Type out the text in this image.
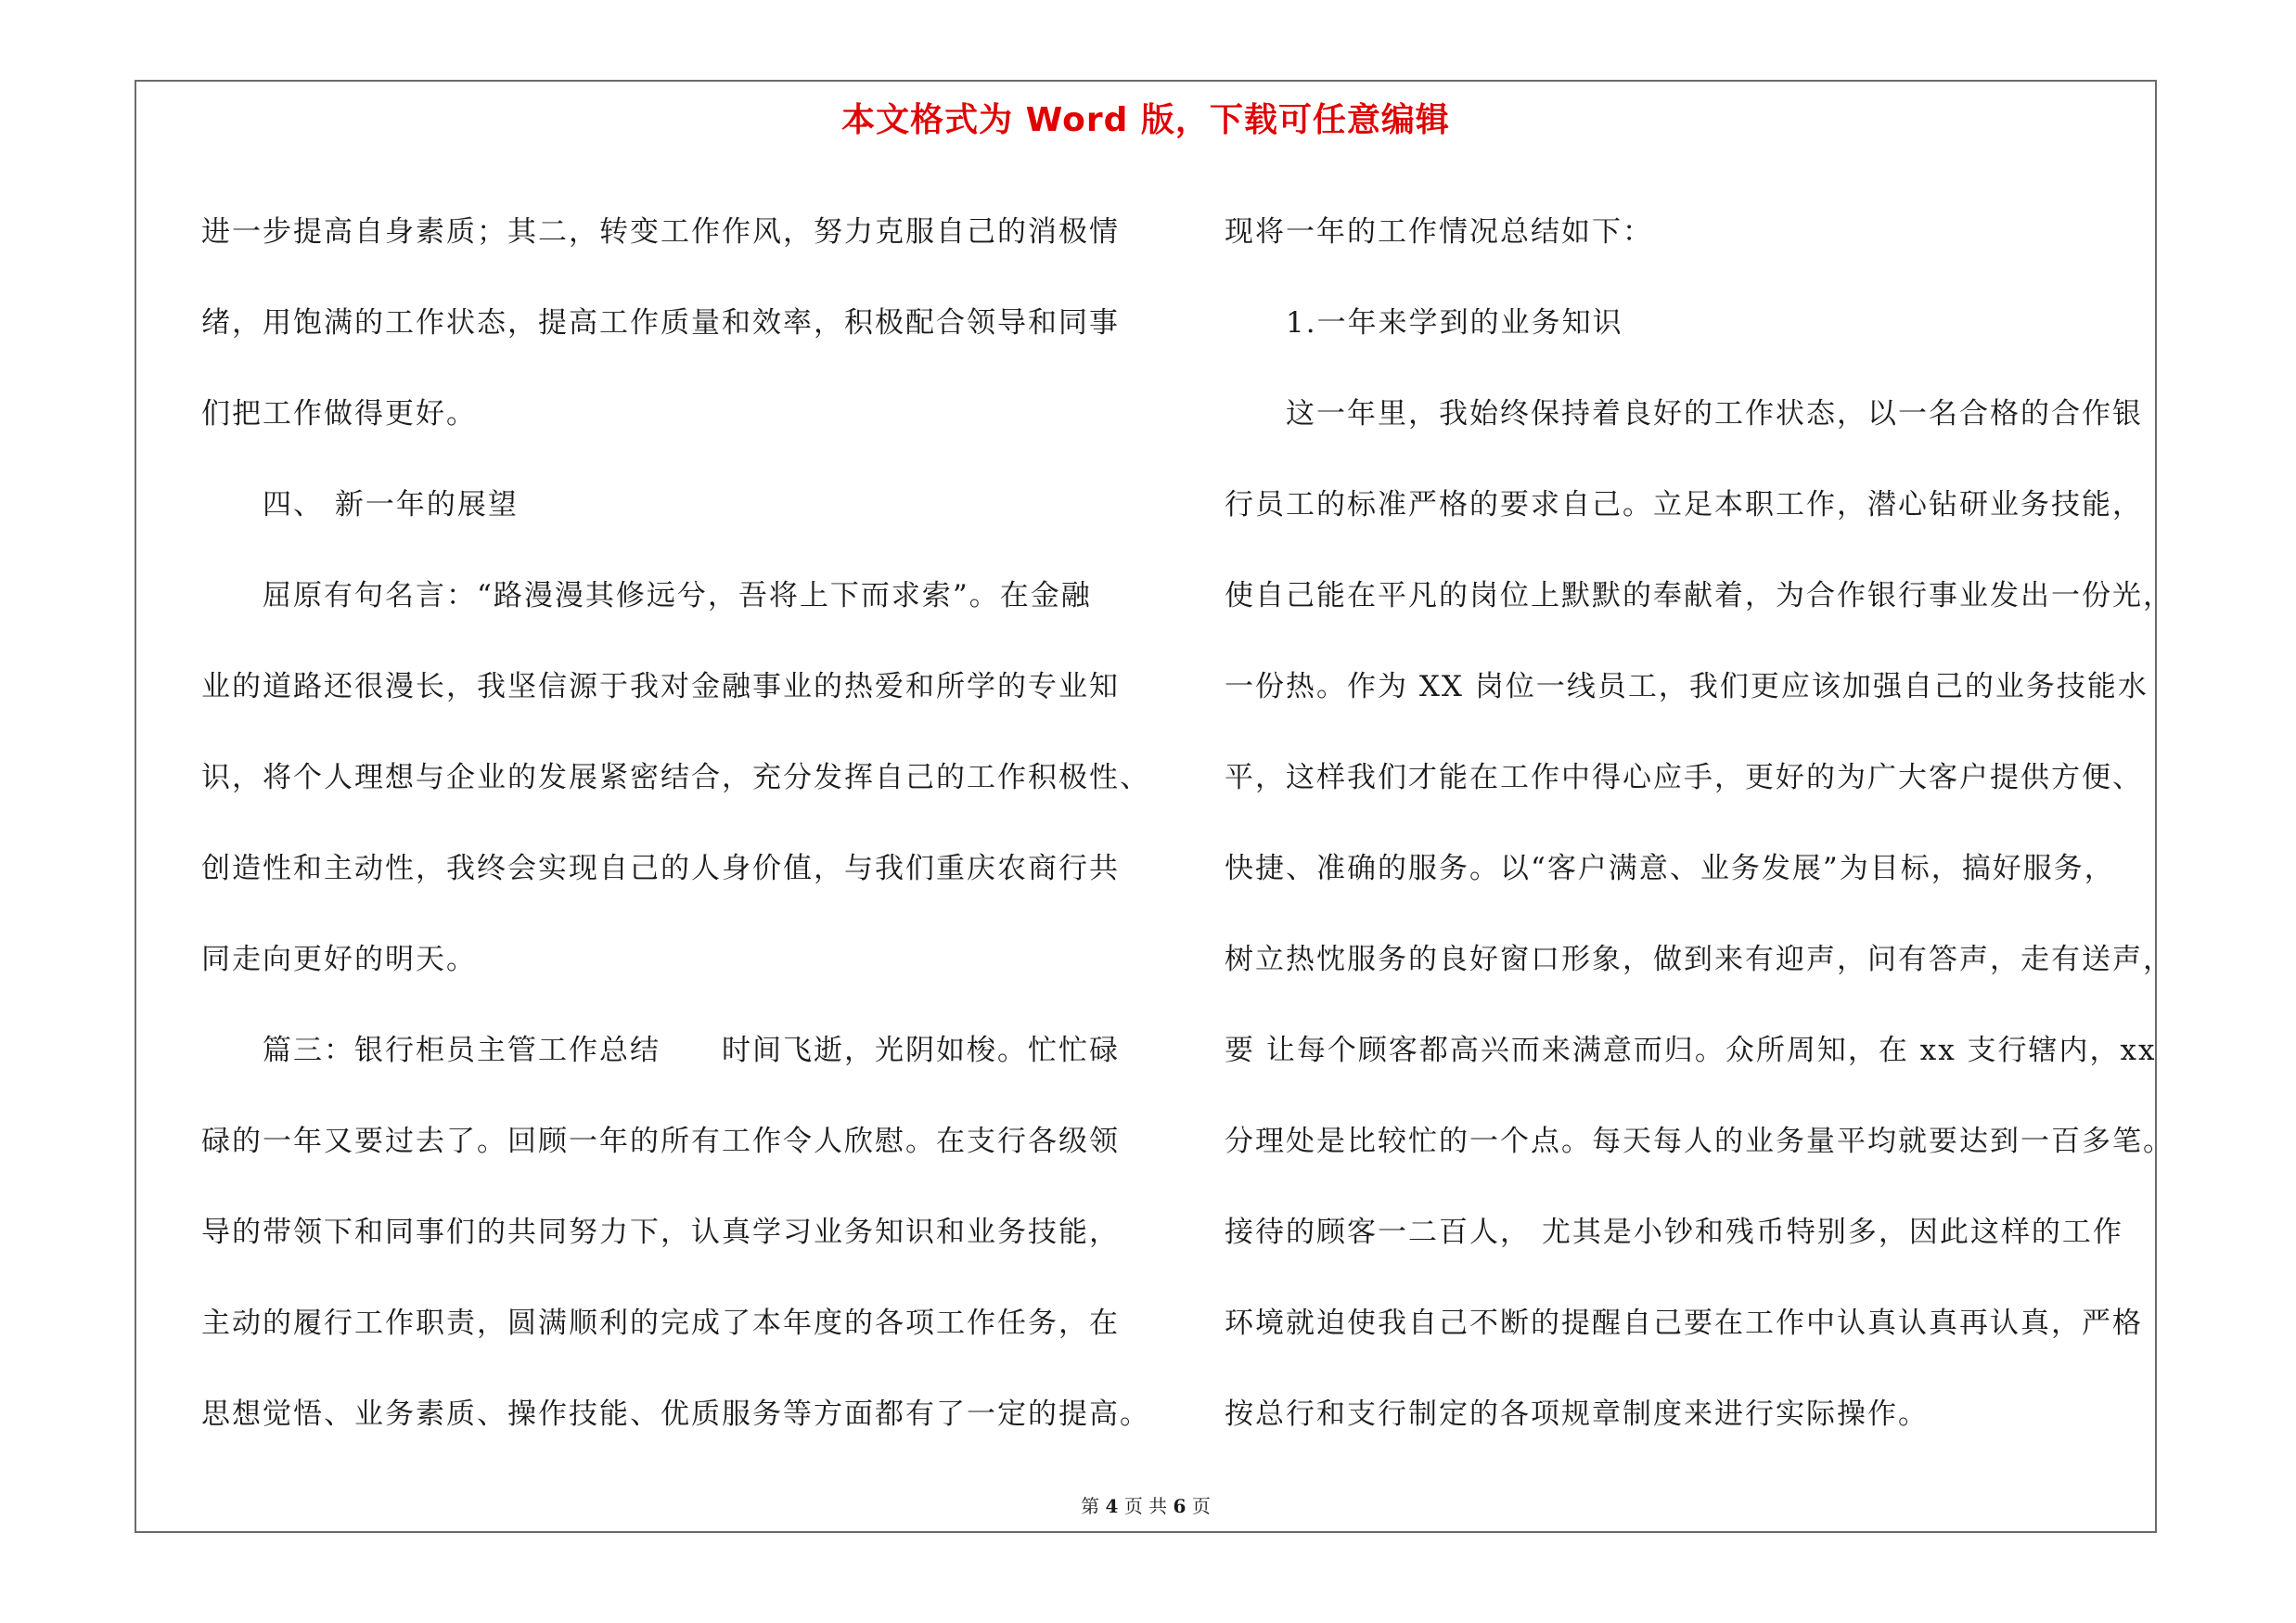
本文格式为 Word 版，下载可任意编辑
进一步提高自身素质；其二，转变工作作风，努力克服自己的消极情
绪，用饱满的工作状态，提高工作质量和效率，积极配合领导和同事
们把工作做得更好。
四、 新一年的展望
屈原有句名言：“路漫漫其修远兮，吾将上下而求索”。在金融
业的道路还很漫长，我坚信源于我对金融事业的热爱和所学的专业知
识，将个人理想与企业的发展紧密结合，充分发挥自己的工作积极性、
创造性和主动性，我终会实现自己的人身价值，与我们重庆农商行共
同走向更好的明天。
篇三：银行柜员主管工作总结　　时间飞逝，光阴如梭。忙忙碌
碌的一年又要过去了。回顾一年的所有工作令人欣慰。在支行各级领
导的带领下和同事们的共同努力下，认真学习业务知识和业务技能，
主动的履行工作职责，圆满顺利的完成了本年度的各项工作任务，在
思想觉悟、业务素质、操作技能、优质服务等方面都有了一定的提高。
现将一年的工作情况总结如下：
1.一年来学到的业务知识
这一年里，我始终保持着良好的工作状态，以一名合格的合作银
行员工的标准严格的要求自己。立足本职工作，潜心钻研业务技能，
使自己能在平凡的岗位上默默的奉献着，为合作银行事业发出一份光，
一份热。作为 XX 岗位一线员工，我们更应该加强自己的业务技能水
平，这样我们才能在工作中得心应手，更好的为广大客户提供方便、
快捷、准确的服务。以“客户满意、业务发展”为目标，搞好服务，
树立热忱服务的良好窗口形象，做到来有迎声，问有答声，走有送声，
要 让每个顾客都高兴而来满意而归。众所周知，在 xx 支行辖内，xx
分理处是比较忙的一个点。每天每人的业务量平均就要达到一百多笔。
接待的顾客一二百人， 尤其是小钞和残币特别多，因此这样的工作
环境就迫使我自己不断的提醒自己要在工作中认真认真再认真，严格
按总行和支行制定的各项规章制度来进行实际操作。
第 4 页 共 6 页
